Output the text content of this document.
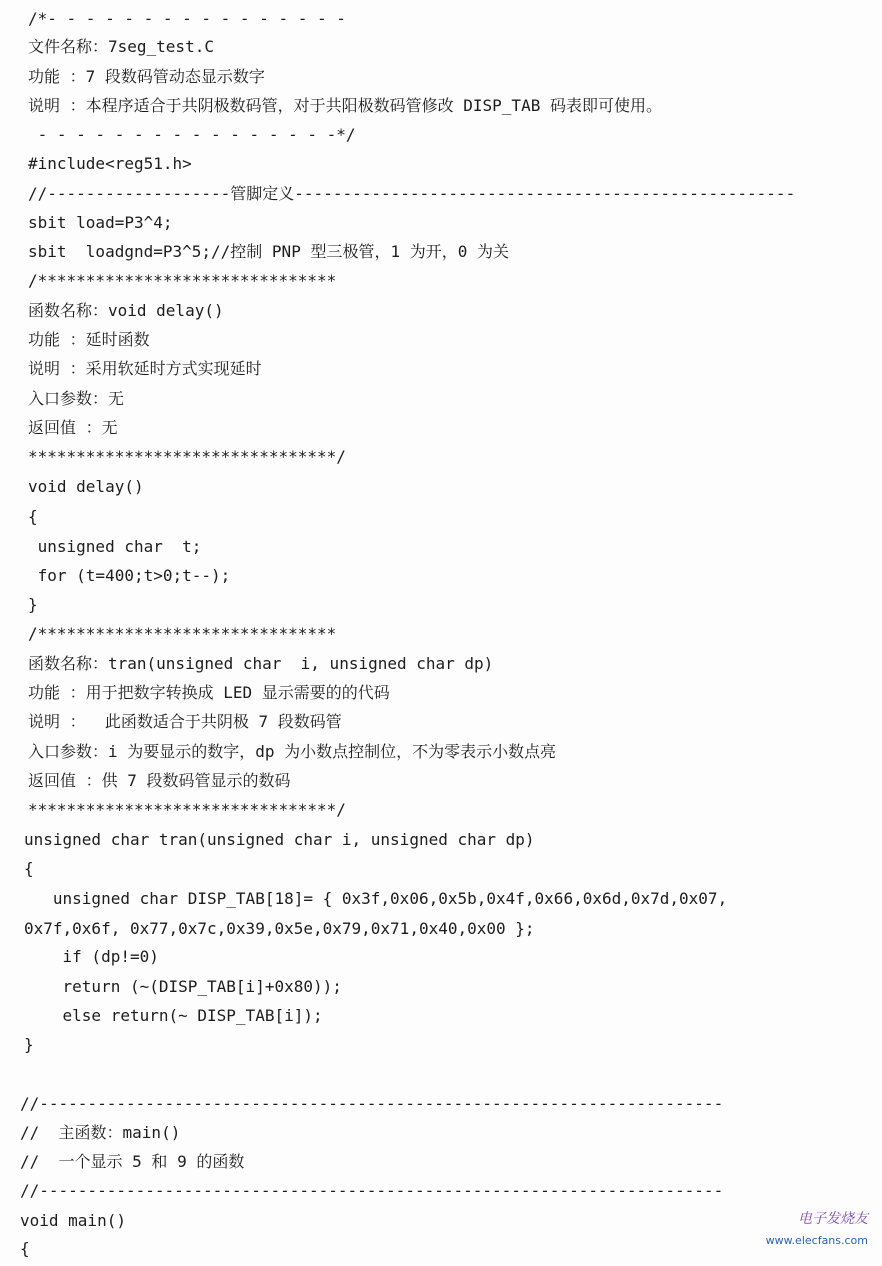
/*- - - - - - - - - - - - - - - -
文件名称：7seg_test.C
功能 ：7 段数码管动态显示数字
说明 ：本程序适合于共阴极数码管，对于共阳极数码管修改 DISP_TAB 码表即可使用。
- - - - - - - - - - - - - - - -*/
#include<reg51.h>
//-------------------管脚定义----------------------------------------------------
sbit load=P3^4;
sbit  loadgnd=P3^5;//控制 PNP 型三极管，1 为开，0 为关
/*******************************
函数名称：void delay()
功能 ：延时函数
说明 ：采用软延时方式实现延时
入口参数：无
返回值 ：无
********************************/
void delay()
{
unsigned char  t;
for (t=400;t>0;t--);
}
/*******************************
函数名称：tran(unsigned char  i, unsigned char dp)
功能 ：用于把数字转换成 LED 显示需要的的代码
说明 ：  此函数适合于共阴极 7 段数码管
入口参数：i 为要显示的数字，dp 为小数点控制位，不为零表示小数点亮
返回值 ：供 7 段数码管显示的数码
********************************/
unsigned char tran(unsigned char i, unsigned char dp)
{
unsigned char DISP_TAB[18]= { 0x3f,0x06,0x5b,0x4f,0x66,0x6d,0x7d,0x07,
0x7f,0x6f, 0x77,0x7c,0x39,0x5e,0x79,0x71,0x40,0x00 };
if (dp!=0)
return (~(DISP_TAB[i]+0x80));
else return(~ DISP_TAB[i]);
}
//-----------------------------------------------------------------------
//  主函数：main()
//  一个显示 5 和 9 的函数
//-----------------------------------------------------------------------
void main()
{
电子发烧友
www.elecfans.com
